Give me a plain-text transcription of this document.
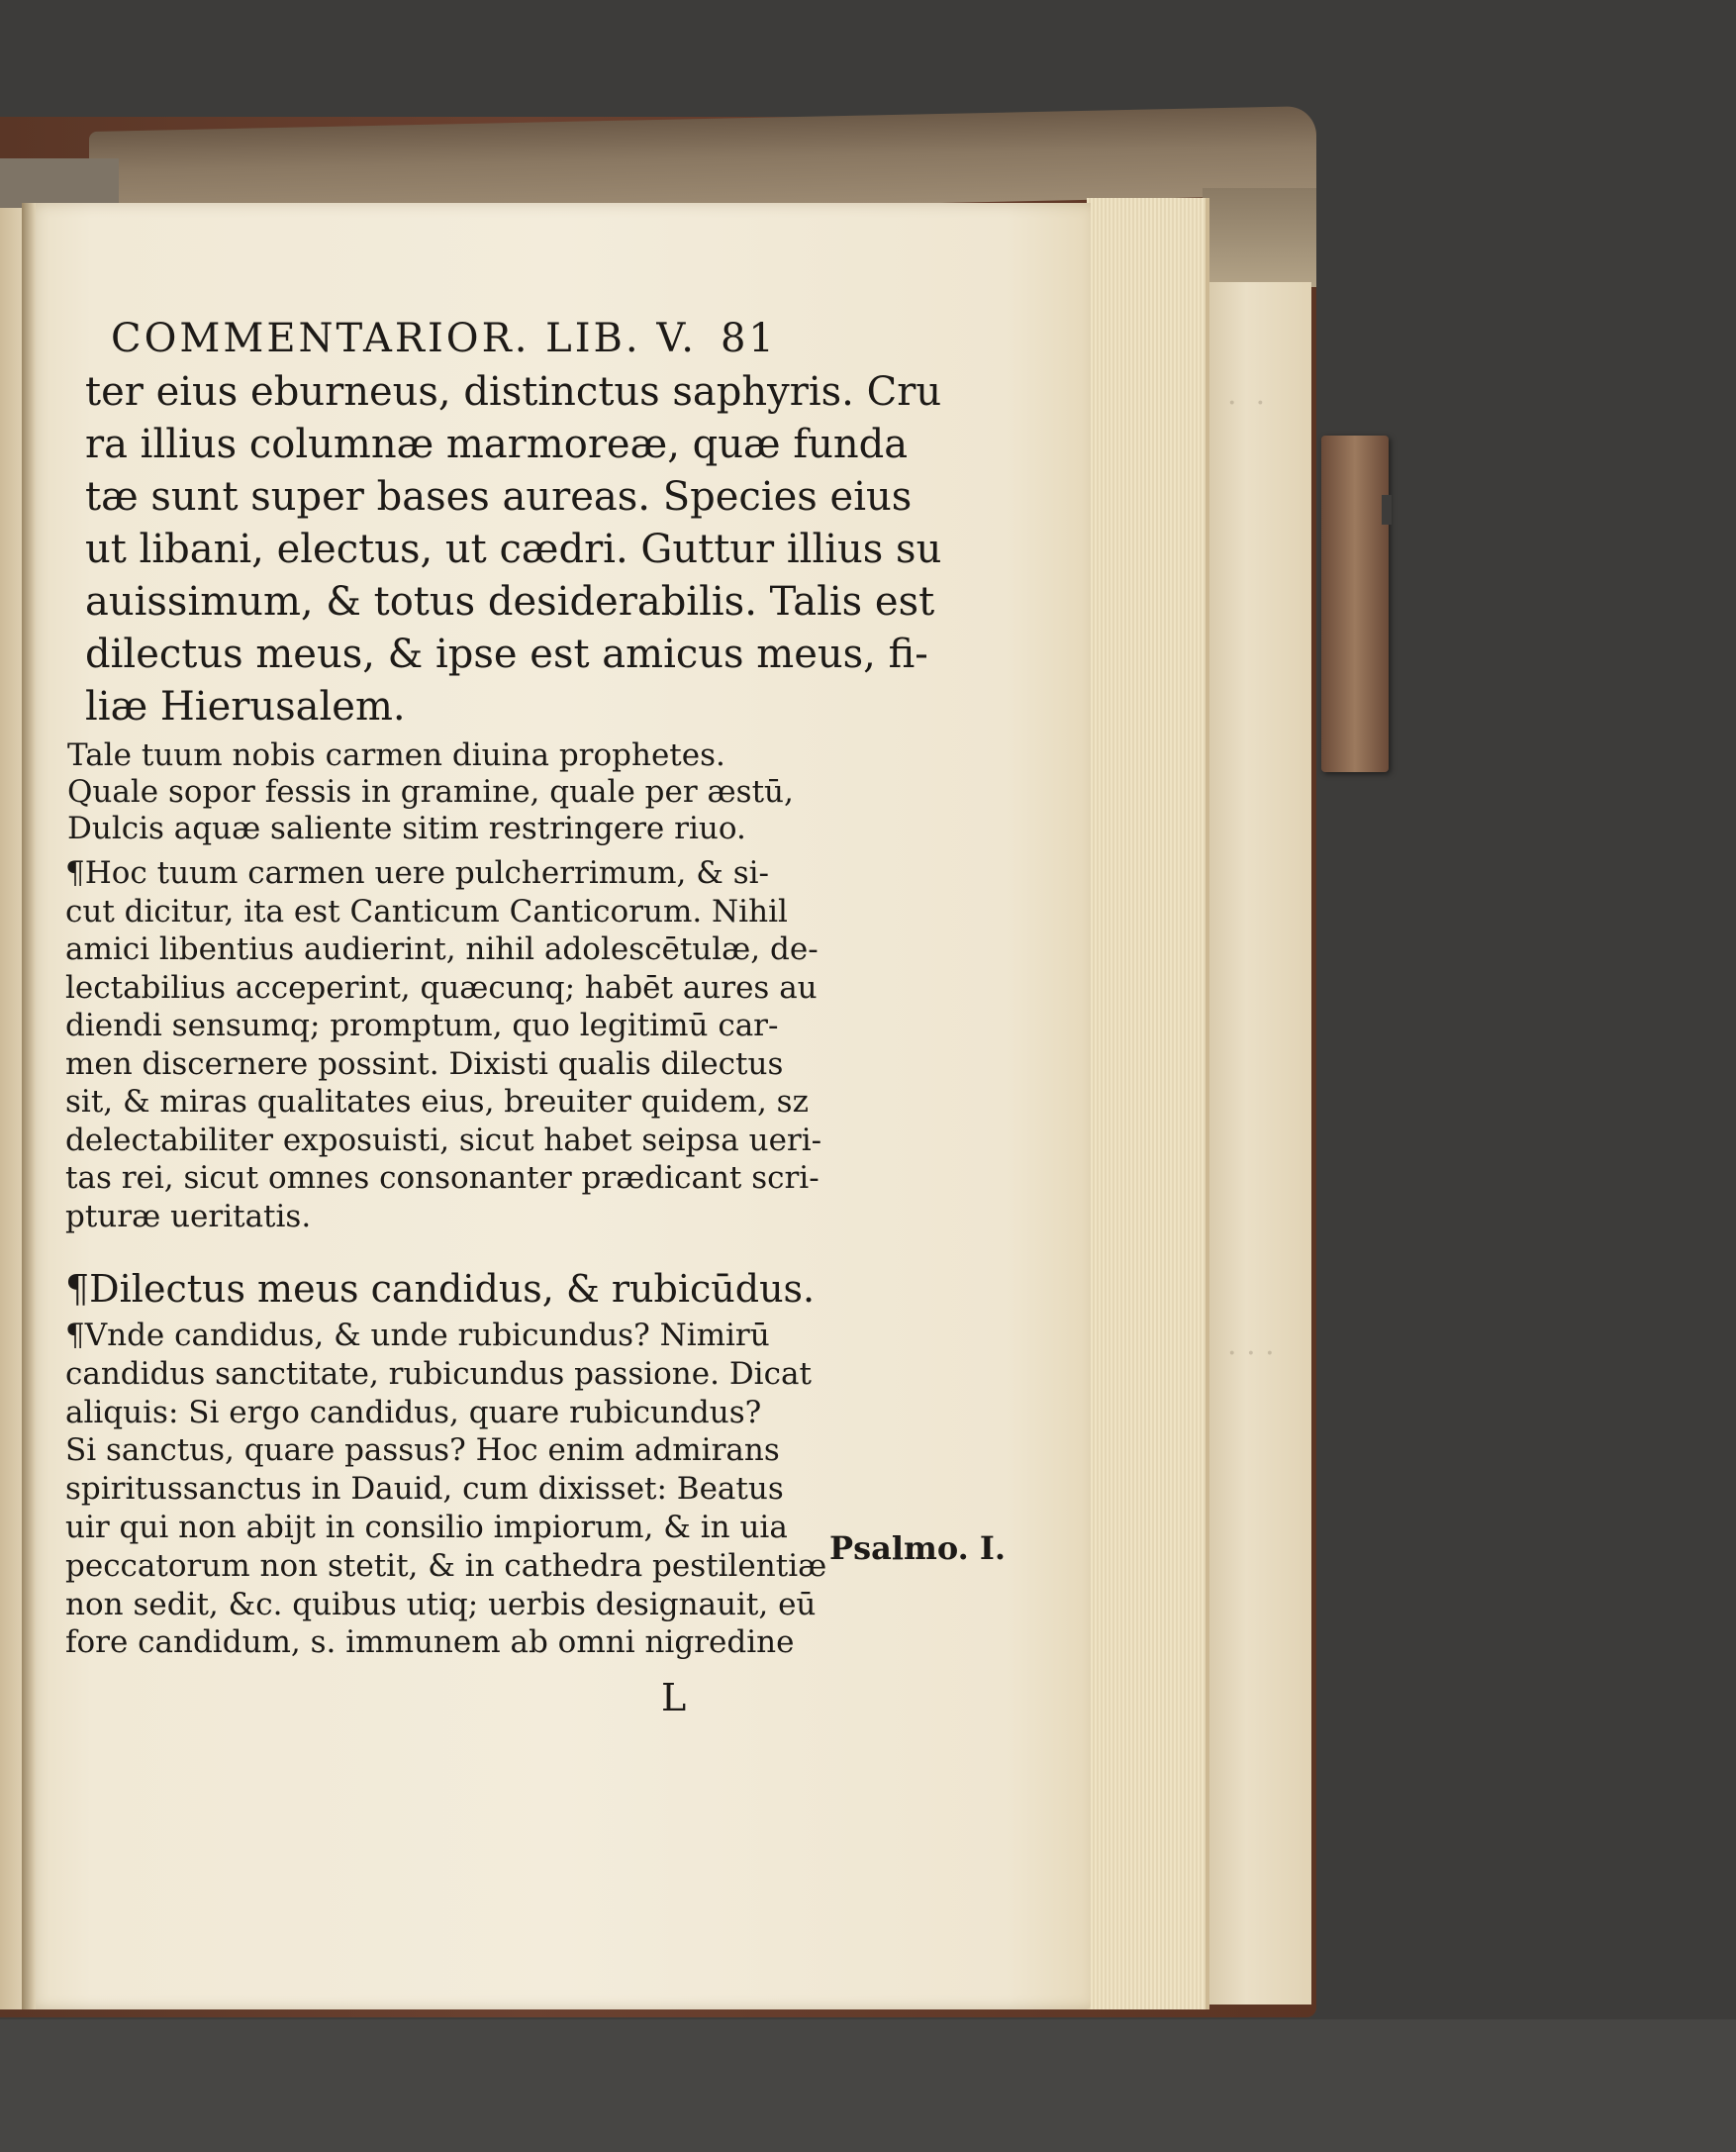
·  ·
· · ·
COMMENTARIOR. LIB. V. 81
ter eius eburneus, distinctus saphyris. Cru
ra illius columnæ marmoreæ, quæ funda
tæ sunt super bases aureas. Species eius
ut libani, electus, ut cædri. Guttur illius su
auissimum, & totus desiderabilis. Talis est
dilectus meus, & ipse est amicus meus, fi-
liæ Hierusalem.
Tale tuum nobis carmen diuina prophetes.
Quale sopor fessis in gramine, quale per æstū,
Dulcis aquæ saliente sitim restringere riuo.
¶Hoc tuum carmen uere pulcherrimum, & si-
cut dicitur, ita est Canticum Canticorum. Nihil
amici libentius audierint, nihil adolescētulæ, de-
lectabilius acceperint, quæcunq; habēt aures au
diendi sensumq; promptum, quo legitimū car-
men discernere possint. Dixisti qualis dilectus
sit, & miras qualitates eius, breuiter quidem, sz
delectabiliter exposuisti, sicut habet seipsa ueri-
tas rei, sicut omnes consonanter prædicant scri-
pturæ ueritatis.
¶Dilectus meus candidus, & rubicūdus.
¶Vnde candidus, & unde rubicundus? Nimirū
candidus sanctitate, rubicundus passione. Dicat
aliquis: Si ergo candidus, quare rubicundus?
Si sanctus, quare passus? Hoc enim admirans
spiritussanctus in Dauid, cum dixisset: Beatus
uir qui non abijt in consilio impiorum, & in uia
peccatorum non stetit, & in cathedra pestilentiæ
non sedit, &c. quibus utiq; uerbis designauit, eū
fore candidum, s. immunem ab omni nigredine
Psalmo. I.
L
